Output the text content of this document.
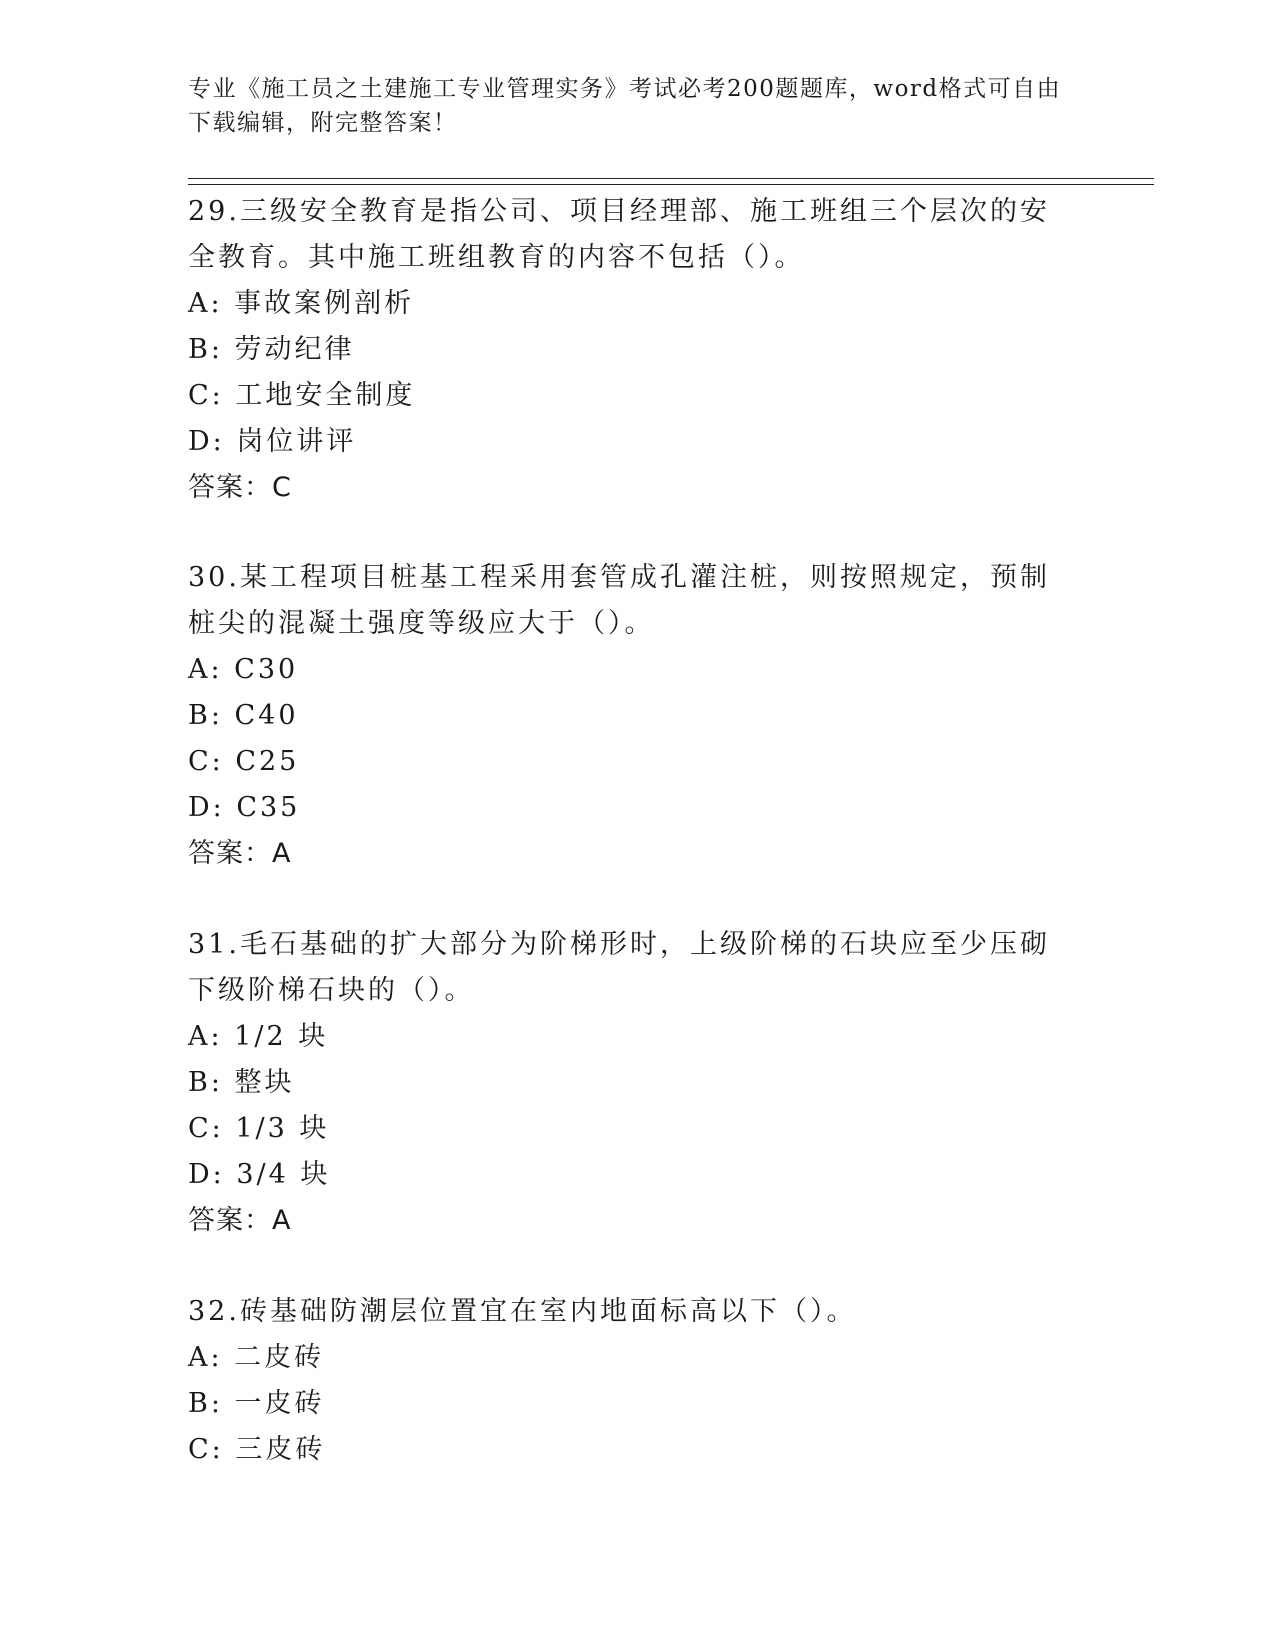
专业《施工员之土建施工专业管理实务》考试必考200题题库，word格式可自由下载编辑，附完整答案！

29.三级安全教育是指公司、项目经理部、施工班组三个层次的安全教育。其中施工班组教育的内容不包括（）。

A: 事故案例剖析
B: 劳动纪律
C: 工地安全制度
D: 岗位讲评
答案：C

30.某工程项目桩基工程采用套管成孔灌注桩，则按照规定，预制桩尖的混凝土强度等级应大于（）。

A: C30
B: C40
C: C25
D: C35
答案：A

31.毛石基础的扩大部分为阶梯形时，上级阶梯的石块应至少压砌下级阶梯石块的（）。

A: 1/2 块
B: 整块
C: 1/3 块
D: 3/4 块
答案：A

32.砖基础防潮层位置宜在室内地面标高以下（）。

A: 二皮砖
B: 一皮砖
C: 三皮砖
